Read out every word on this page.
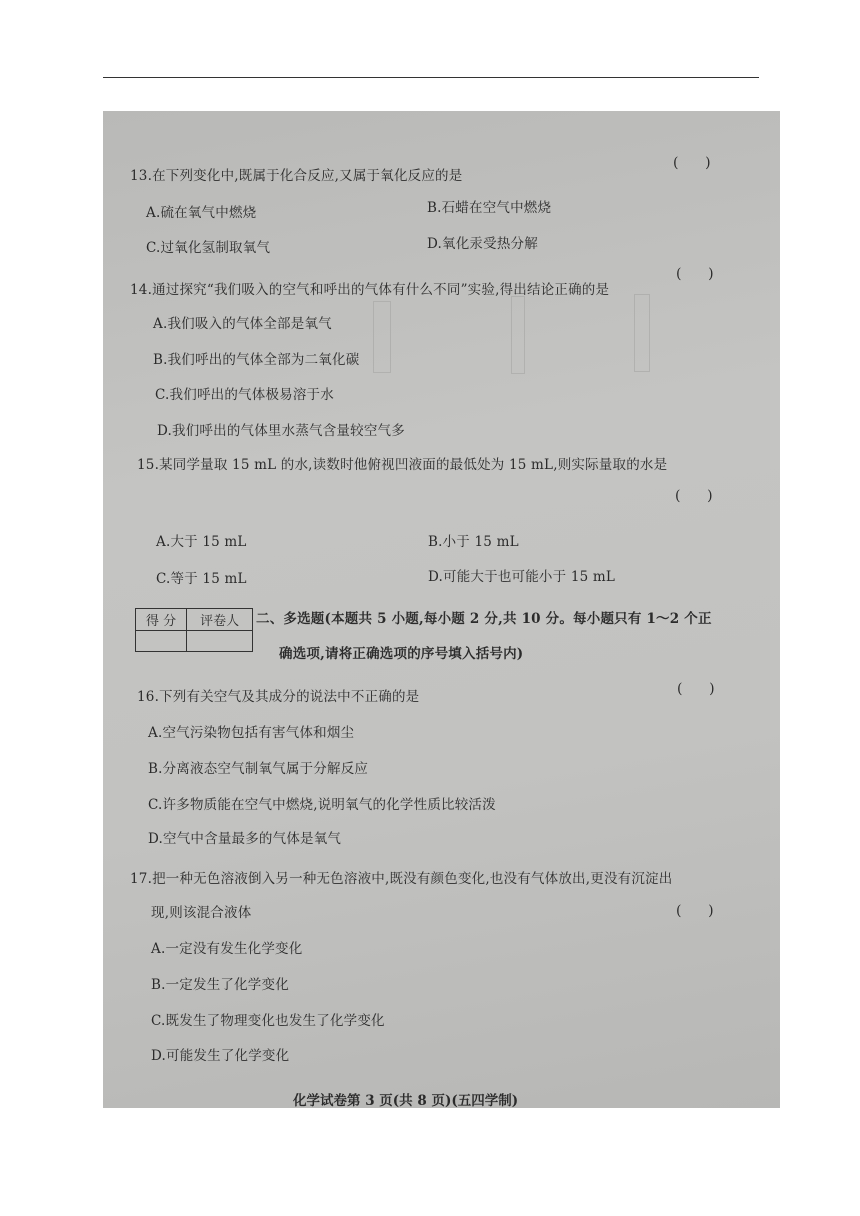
13.在下列变化中,既属于化合反应,又属于氧化反应的是
(      )
A.硫在氧气中燃烧	B.石蜡在空气中燃烧
C.过氧化氢制取氧气	D.氧化汞受热分解
14.通过探究“我们吸入的空气和呼出的气体有什么不同”实验,得出结论正确的是
(      )
A.我们吸入的气体全部是氧气
B.我们呼出的气体全部为二氧化碳
C.我们呼出的气体极易溶于水
D.我们呼出的气体里水蒸气含量较空气多
15.某同学量取 15 mL 的水,读数时他俯视凹液面的最低处为 15 mL,则实际量取的水是
(      )
A.大于 15 mL	B.小于 15 mL
C.等于 15 mL	D.可能大于也可能小于 15 mL
得 分	评卷人
	二、多选题(本题共 5 小题,每小题 2 分,共 10 分。每小题只有 1～2 个正
确选项,请将正确选项的序号填入括号内)
16.下列有关空气及其成分的说法中不正确的是	(      )
A.空气污染物包括有害气体和烟尘
B.分离液态空气制氧气属于分解反应
C.许多物质能在空气中燃烧,说明氧气的化学性质比较活泼
D.空气中含量最多的气体是氧气
17.把一种无色溶液倒入另一种无色溶液中,既没有颜色变化,也没有气体放出,更没有沉淀出
现,则该混合液体	(      )
A.一定没有发生化学变化
B.一定发生了化学变化
C.既发生了物理变化也发生了化学变化
D.可能发生了化学变化
化学试卷第 3 页(共 8 页)(五四学制)
